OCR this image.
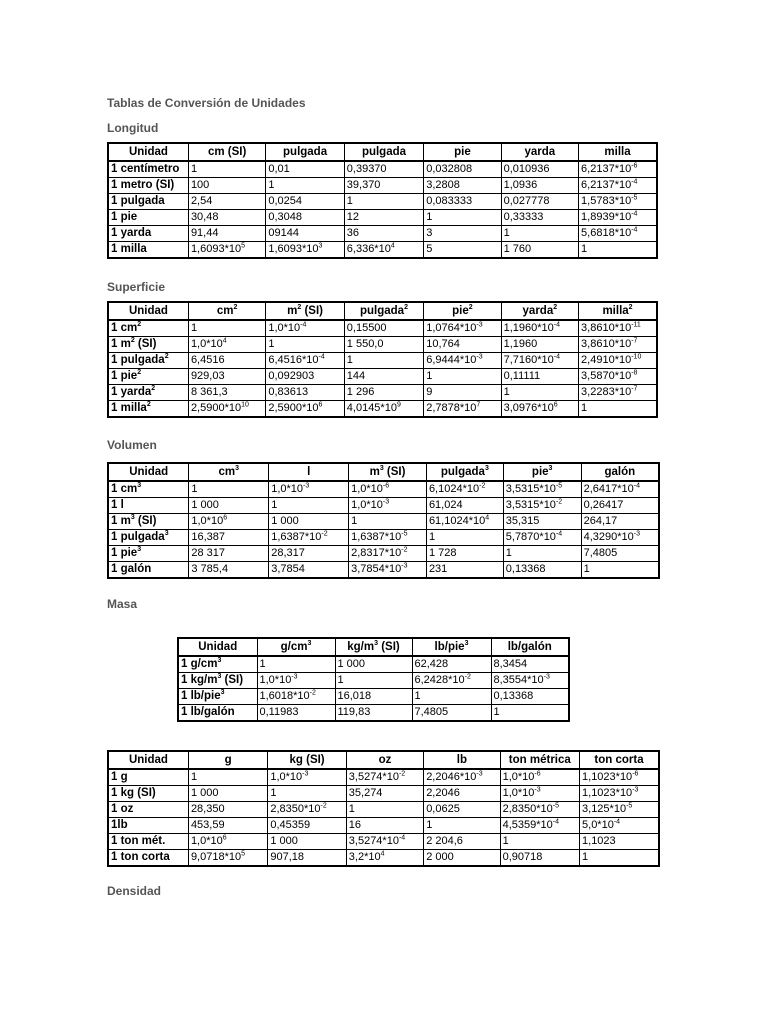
Tablas de Conversión de Unidades
Longitud
Unidad	cm (SI)	pulgada	pulgada	pie	yarda	milla
1 centímetro	1	0,01	0,39370	0,032808	0,010936	$6,2137*10^{-6}$
1 metro (SI)	100	1	39,370	3,2808	1,0936	$6,2137*10^{-4}$
1 pulgada	2,54	0,0254	1	0,083333	0,027778	$1,5783*10^{-5}$
1 pie	30,48	0,3048	12	1	0,33333	$1,8939*10^{-4}$
1 yarda	91,44	09144	36	3	1	$5,6818*10^{-4}$
1 milla	$1,6093*10^5$	$1,6093*10^3$	$6,336*10^4$	5	1 760	1
Superficie
Unidad	$cm^2$	$m^2$ (SI)	pulgada$^2$	pie$^2$	yarda$^2$	milla$^2$
1 $cm^2$	1	$1,0*10^{-4}$	0,15500	$1,0764*10^{-3}$	$1,1960*10^{-4}$	$3,8610*10^{-11}$
1 $m^2$ (SI)	$1,0*10^4$	1	1 550,0	10,764	1,1960	$3,8610*10^{-7}$
1 pulgada$^2$	6,4516	$6,4516*10^{-4}$	1	$6,9444*10^{-3}$	$7,7160*10^{-4}$	$2,4910*10^{-10}$
1 pie$^2$	929,03	0,092903	144	1	0,11111	$3,5870*10^{-8}$
1 yarda$^2$	8 361,3	0,83613	1 296	9	1	$3,2283*10^{-7}$
1 milla$^2$	$2,5900*10^{10}$	$2,5900*10^6$	$4,0145*10^9$	$2,7878*10^7$	$3,0976*10^6$	1
Volumen
Unidad	$cm^3$	l	$m^3$ (SI)	pulgada$^3$	pie$^3$	galón
1 $cm^3$	1	$1,0*10^{-3}$	$1,0*10^{-6}$	$6,1024*10^{-2}$	$3,5315*10^{-5}$	$2,6417*10^{-4}$
1 l	1 000	1	$1,0*10^{-3}$	61,024	$3,5315*10^{-2}$	0,26417
1 $m^3$ (SI)	$1,0*10^6$	1 000	1	$61,1024*10^4$	35,315	264,17
1 pulgada$^3$	16,387	$1,6387*10^{-2}$	$1,6387*10^{-5}$	1	$5,7870*10^{-4}$	$4,3290*10^{-3}$
1 pie$^3$	28 317	28,317	$2,8317*10^{-2}$	1 728	1	7,4805
1 galón	3 785,4	3,7854	$3,7854*10^{-3}$	231	0,13368	1
Masa
Unidad	$g/cm^3$	$kg/m^3$ (SI)	lb/pie$^3$	lb/galón
1 $g/cm^3$	1	1 000	62,428	8,3454
1 $kg/m^3$ (SI)	$1,0*10^{-3}$	1	$6,2428*10^{-2}$	$8,3554*10^{-3}$
1 lb/pie$^3$	$1,6018*10^{-2}$	16,018	1	0,13368
1 lb/galón	0,11983	119,83	7,4805	1
Unidad	g	kg (SI)	oz	lb	ton métrica	ton corta
1 g	1	$1,0*10^{-3}$	$3,5274*10^{-2}$	$2,2046*10^{-3}$	$1,0*10^{-6}$	$1,1023*10^{-6}$
1 kg (SI)	1 000	1	35,274	2,2046	$1,0*10^{-3}$	$1,1023*10^{-3}$
1 oz	28,350	$2,8350*10^{-2}$	1	0,0625	$2,8350*10^{-5}$	$3,125*10^{-5}$
1lb	453,59	0,45359	16	1	$4,5359*10^{-4}$	$5,0*10^{-4}$
1 ton mét.	$1,0*10^6$	1 000	$3,5274*10^{-4}$	2 204,6	1	1,1023
1 ton corta	$9,0718*10^5$	907,18	$3,2*10^4$	2 000	0,90718	1
Densidad
